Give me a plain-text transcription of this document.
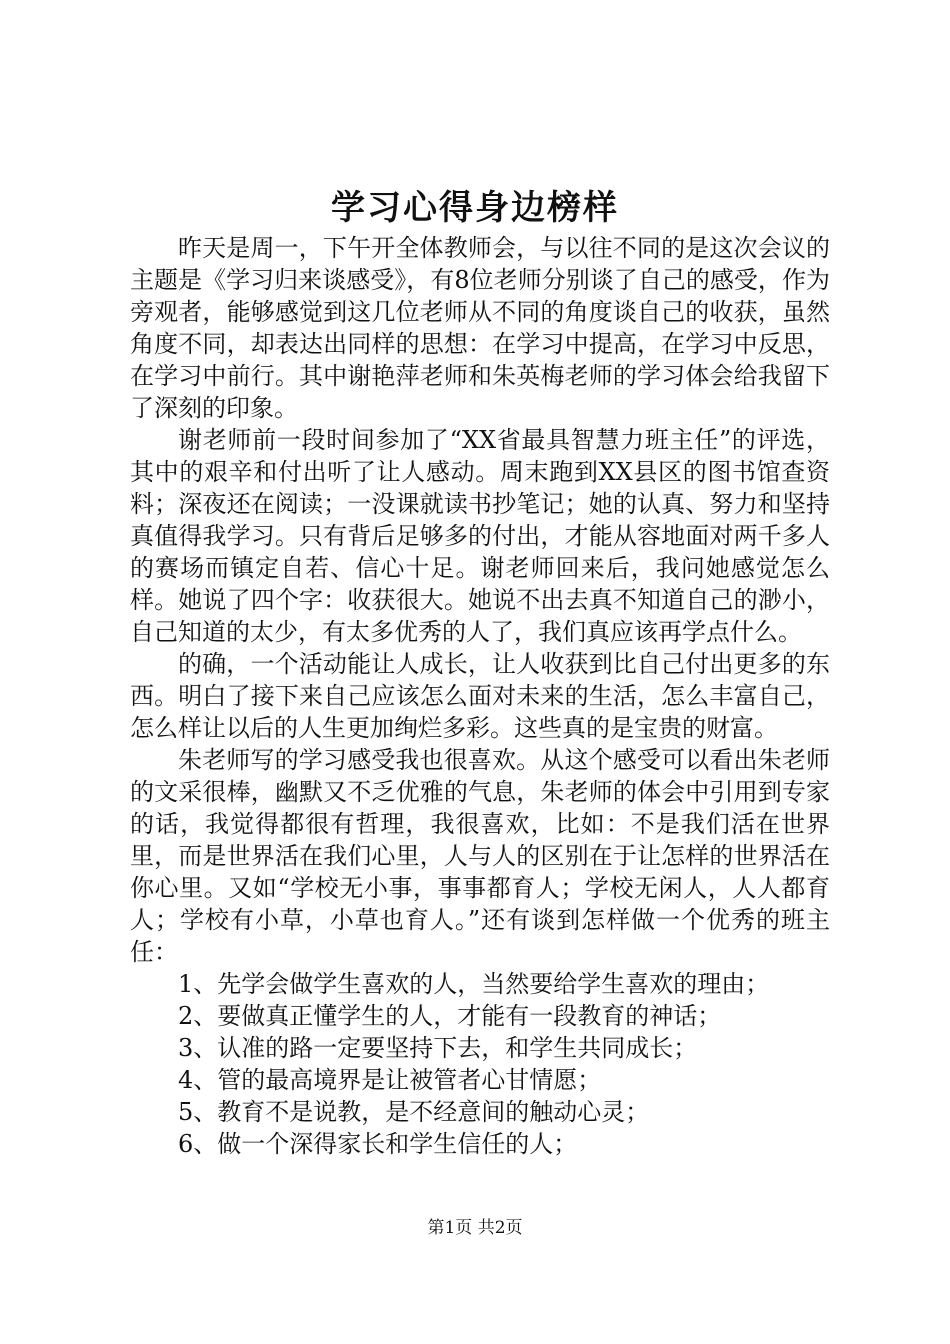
学习心得身边榜样

昨天是周一，下午开全体教师会，与以往不同的是这次会议的主题是《学习归来谈感受》，有8位老师分别谈了自己的感受，作为旁观者，能够感觉到这几位老师从不同的角度谈自己的收获，虽然角度不同，却表达出同样的思想：在学习中提高，在学习中反思，在学习中前行。其中谢艳萍老师和朱英梅老师的学习体会给我留下了深刻的印象。

谢老师前一段时间参加了“XX省最具智慧力班主任”的评选，其中的艰辛和付出听了让人感动。周末跑到XX县区的图书馆查资料；深夜还在阅读；一没课就读书抄笔记；她的认真、努力和坚持真值得我学习。只有背后足够多的付出，才能从容地面对两千多人的赛场而镇定自若、信心十足。谢老师回来后，我问她感觉怎么样。她说了四个字：收获很大。她说不出去真不知道自己的渺小，自己知道的太少，有太多优秀的人了，我们真应该再学点什么。

的确，一个活动能让人成长，让人收获到比自己付出更多的东西。明白了接下来自己应该怎么面对未来的生活，怎么丰富自己，怎么样让以后的人生更加绚烂多彩。这些真的是宝贵的财富。

朱老师写的学习感受我也很喜欢。从这个感受可以看出朱老师的文采很棒，幽默又不乏优雅的气息，朱老师的体会中引用到专家的话，我觉得都很有哲理，我很喜欢，比如：不是我们活在世界里，而是世界活在我们心里，人与人的区别在于让怎样的世界活在你心里。又如“学校无小事，事事都育人；学校无闲人，人人都育人；学校有小草，小草也育人。”还有谈到怎样做一个优秀的班主任：

1、先学会做学生喜欢的人，当然要给学生喜欢的理由；

2、要做真正懂学生的人，才能有一段教育的神话；

3、认准的路一定要坚持下去，和学生共同成长；

4、管的最高境界是让被管者心甘情愿；

5、教育不是说教，是不经意间的触动心灵；

6、做一个深得家长和学生信任的人；

第1页 共2页
